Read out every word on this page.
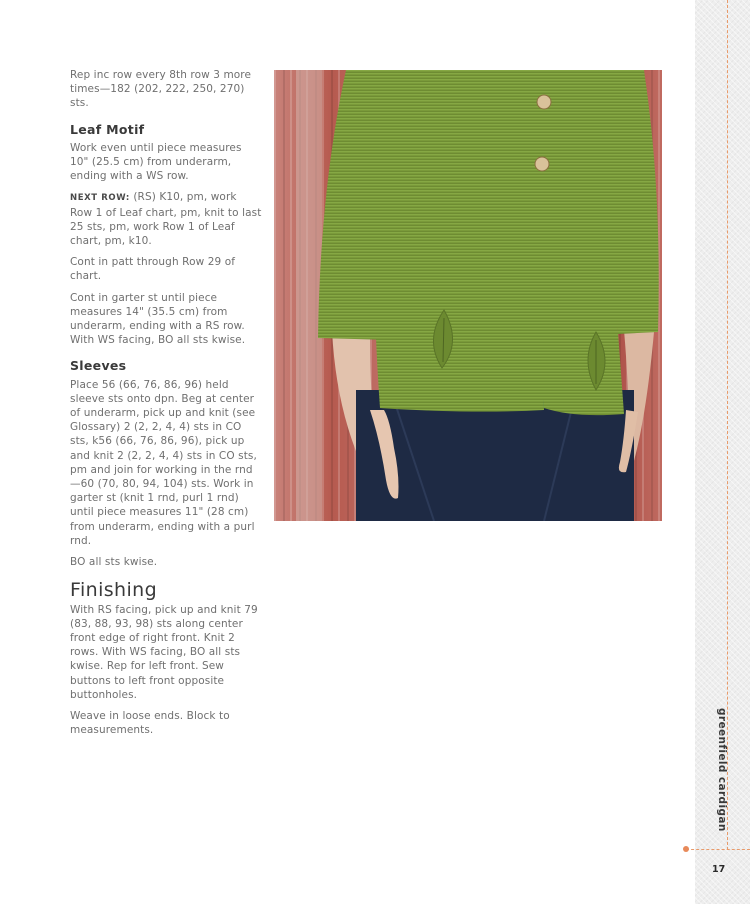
Rep inc row every 8th row 3 more times—182 (202, 222, 250, 270) sts.

Leaf Motif

Work even until piece measures 10" (25.5 cm) from underarm, ending with a WS row.

NEXT ROW: (RS) K10, pm, work Row 1 of Leaf chart, pm, knit to last 25 sts, pm, work Row 1 of Leaf chart, pm, k10.

Cont in patt through Row 29 of chart.

Cont in garter st until piece measures 14" (35.5 cm) from underarm, ending with a RS row. With WS facing, BO all sts kwise.

Sleeves

Place 56 (66, 76, 86, 96) held sleeve sts onto dpn. Beg at center of underarm, pick up and knit (see Glossary) 2 (2, 2, 4, 4) sts in CO sts, k56 (66, 76, 86, 96), pick up and knit 2 (2, 2, 4, 4) sts in CO sts, pm and join for working in the rnd—60 (70, 80, 94, 104) sts. Work in garter st (knit 1 rnd, purl 1 rnd) until piece measures 11" (28 cm) from underarm, ending with a purl rnd.

BO all sts kwise.

Finishing

With RS facing, pick up and knit 79 (83, 88, 93, 98) sts along center front edge of right front. Knit 2 rows. With WS facing, BO all sts kwise. Rep for left front. Sew buttons to left front opposite buttonholes.

Weave in loose ends. Block to measurements.	greenfield cardigan
17
